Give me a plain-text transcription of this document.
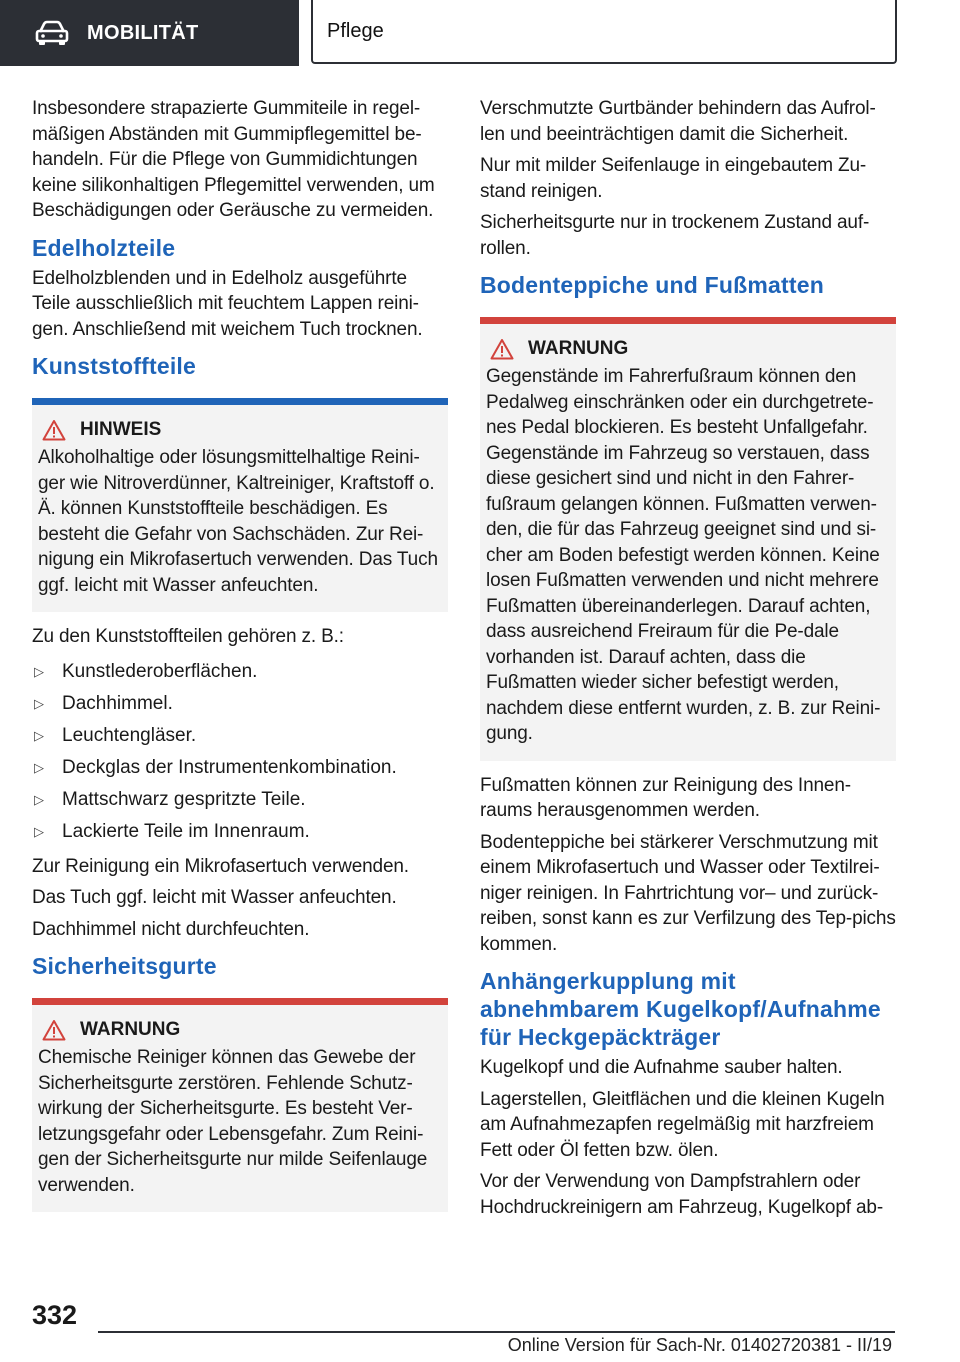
MOBILITÄT	Pflege

Insbesondere strapazierte Gummiteile in regel-mäßigen Abständen mit Gummipflegemittel be-handeln. Für die Pflege von Gummidichtungen keine silikonhaltigen Pflegemittel verwenden, um Beschädigungen oder Geräusche zu vermeiden.

Edelholzteile

Edelholzblenden und in Edelholz ausgeführte Teile ausschließlich mit feuchtem Lappen reini-gen. Anschließend mit weichem Tuch trocknen.

Kunststoffteile
HINWEIS

Alkoholhaltige oder lösungsmittelhaltige Reini-ger wie Nitroverdünner, Kaltreiniger, Kraftstoff o. Ä. können Kunststoffteile beschädigen. Es besteht die Gefahr von Sachschäden. Zur Rei-nigung ein Mikrofasertuch verwenden. Das Tuch ggf. leicht mit Wasser anfeuchten.

Zu den Kunststoffteilen gehören z. B.:

▷ Kunstlederoberflächen.
▷ Dachhimmel.
▷ Leuchtengläser.
▷ Deckglas der Instrumentenkombination.
▷ Mattschwarz gespritzte Teile.
▷ Lackierte Teile im Innenraum.

Zur Reinigung ein Mikrofasertuch verwenden.

Das Tuch ggf. leicht mit Wasser anfeuchten.

Dachhimmel nicht durchfeuchten.

Sicherheitsgurte
WARNUNG

Chemische Reiniger können das Gewebe der Sicherheitsgurte zerstören. Fehlende Schutz-wirkung der Sicherheitsgurte. Es besteht Ver-letzungsgefahr oder Lebensgefahr. Zum Reini-gen der Sicherheitsgurte nur milde Seifenlauge verwenden.

Verschmutzte Gurtbänder behindern das Aufrol-len und beeinträchtigen damit die Sicherheit.

Nur mit milder Seifenlauge in eingebautem Zu-stand reinigen.

Sicherheitsgurte nur in trockenem Zustand auf-rollen.

Bodenteppiche und Fußmatten
WARNUNG

Gegenstände im Fahrerfußraum können den Pedalweg einschränken oder ein durchgetrete-nes Pedal blockieren. Es besteht Unfallgefahr. Gegenstände im Fahrzeug so verstauen, dass diese gesichert sind und nicht in den Fahrer-fußraum gelangen können. Fußmatten verwen-den, die für das Fahrzeug geeignet sind und si-cher am Boden befestigt werden können. Keine losen Fußmatten verwenden und nicht mehrere Fußmatten übereinanderlegen. Darauf achten, dass ausreichend Freiraum für die Pe-dale vorhanden ist. Darauf achten, dass die Fußmatten wieder sicher befestigt werden, nachdem diese entfernt wurden, z. B. zur Reini-gung.

Fußmatten können zur Reinigung des Innen-raums herausgenommen werden.

Bodenteppiche bei stärkerer Verschmutzung mit einem Mikrofasertuch und Wasser oder Textilrei-niger reinigen. In Fahrtrichtung vor– und zurück-reiben, sonst kann es zur Verfilzung des Tep-pichs kommen.

Anhängerkupplung mit abnehmbarem Kugelkopf/Aufnahme für Heckgepäckträger

Kugelkopf und die Aufnahme sauber halten.

Lagerstellen, Gleitflächen und die kleinen Kugeln am Aufnahmezapfen regelmäßig mit harzfreiem Fett oder Öl fetten bzw. ölen.

Vor der Verwendung von Dampfstrahlern oder Hochdruckreinigern am Fahrzeug, Kugelkopf ab-

332
Online Version für Sach-Nr. 01402720381 - II/19
